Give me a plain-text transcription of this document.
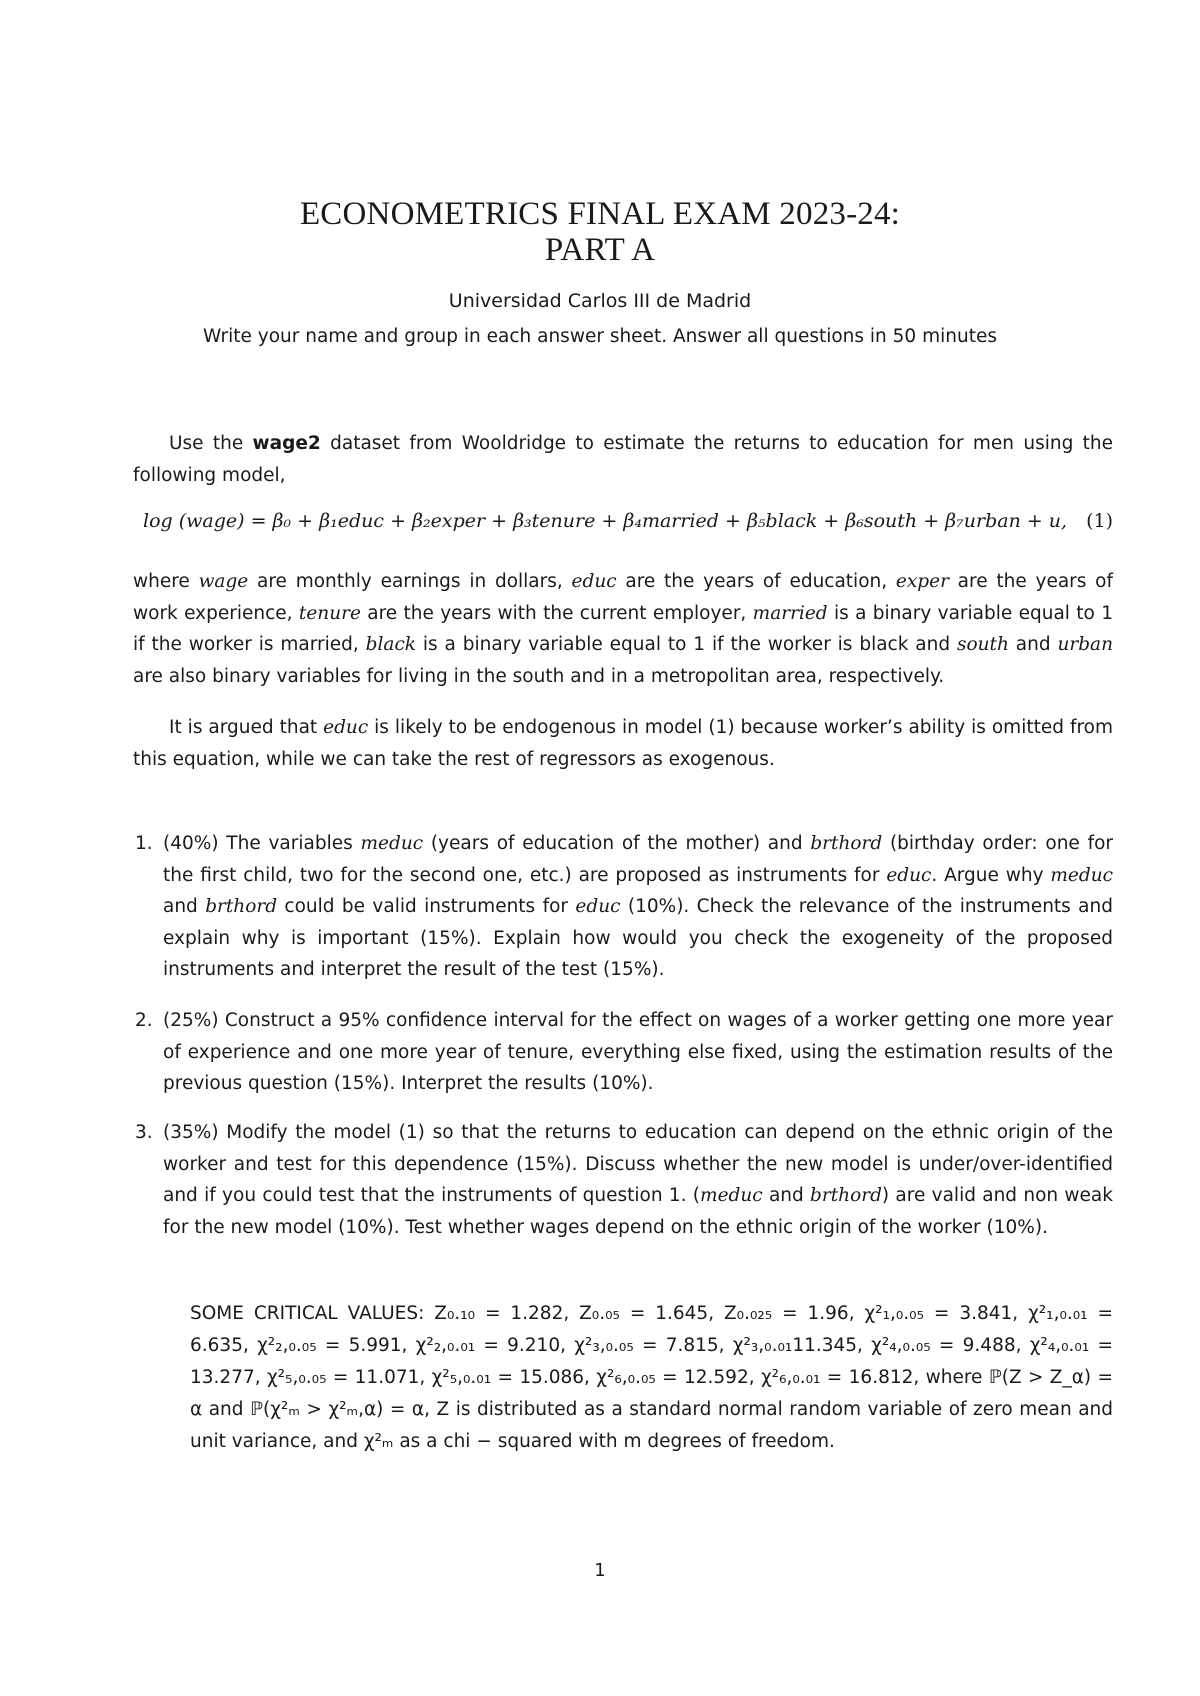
ECONOMETRICS FINAL EXAM 2023-24:
PART A
Universidad Carlos III de Madrid
Write your name and group in each answer sheet. Answer all questions in 50 minutes
Use the wage2 dataset from Wooldridge to estimate the returns to education for men using the following model,
log (wage) = β₀ + β₁educ + β₂exper + β₃tenure + β₄married + β₅black + β₆south + β₇urban + u, (1)
where wage are monthly earnings in dollars, educ are the years of education, exper are the years of work experience, tenure are the years with the current employer, married is a binary variable equal to 1 if the worker is married, black is a binary variable equal to 1 if the worker is black and south and urban are also binary variables for living in the south and in a metropolitan area, respectively.
It is argued that educ is likely to be endogenous in model (1) because worker’s ability is omitted from this equation, while we can take the rest of regressors as exogenous.
1. (40%) The variables meduc (years of education of the mother) and brthord (birthday order: one for the first child, two for the second one, etc.) are proposed as instruments for educ. Argue why meduc and brthord could be valid instruments for educ (10%). Check the relevance of the instruments and explain why is important (15%). Explain how would you check the exogeneity of the proposed instruments and interpret the result of the test (15%).
2. (25%) Construct a 95% confidence interval for the effect on wages of a worker getting one more year of experience and one more year of tenure, everything else fixed, using the estimation results of the previous question (15%). Interpret the results (10%).
3. (35%) Modify the model (1) so that the returns to education can depend on the ethnic origin of the worker and test for this dependence (15%). Discuss whether the new model is under/over-identified and if you could test that the instruments of question 1. (meduc and brthord) are valid and non weak for the new model (10%). Test whether wages depend on the ethnic origin of the worker (10%).
SOME CRITICAL VALUES: Z₀.₁₀ = 1.282, Z₀.₀₅ = 1.645, Z₀.₀₂₅ = 1.96, χ²₁,₀.₀₅ = 3.841, χ²₁,₀.₀₁ = 6.635, χ²₂,₀.₀₅ = 5.991, χ²₂,₀.₀₁ = 9.210, χ²₃,₀.₀₅ = 7.815, χ²₃,₀.₀₁11.345, χ²₄,₀.₀₅ = 9.488, χ²₄,₀.₀₁ = 13.277, χ²₅,₀.₀₅ = 11.071, χ²₅,₀.₀₁ = 15.086, χ²₆,₀.₀₅ = 12.592, χ²₆,₀.₀₁ = 16.812, where ℙ(Z > Z_α) = α and ℙ(χ²ₘ > χ²ₘ,α) = α, Z is distributed as a standard normal random variable of zero mean and unit variance, and χ²ₘ as a chi − squared with m degrees of freedom.
1
